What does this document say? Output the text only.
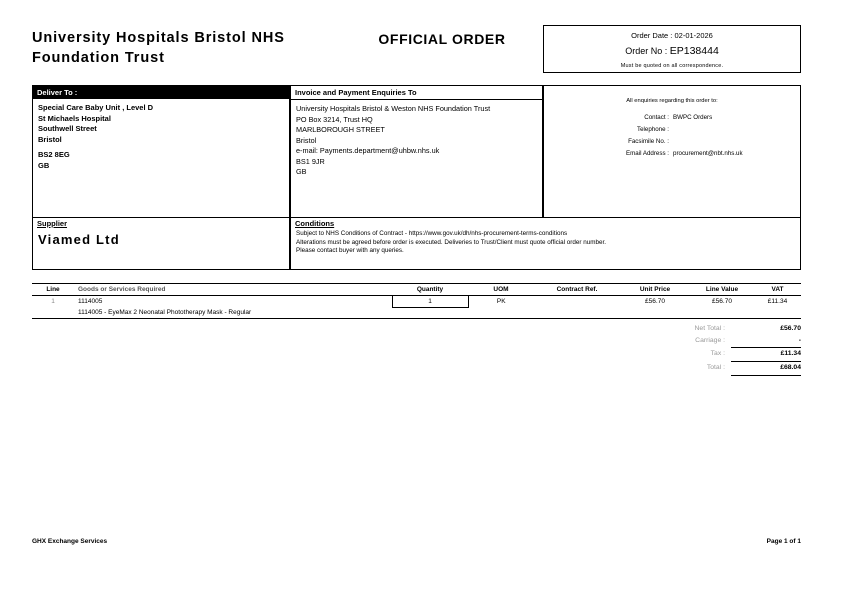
University Hospitals Bristol NHS Foundation Trust
OFFICIAL ORDER	Order Date : 02-01-2026
Order No : EP138444
Must be quoted on all correspondence.
Deliver To :
Special Care Baby Unit , Level D
St Michaels Hospital
Southwell Street
Bristol
BS2 8EG
GB
Invoice and Payment Enquiries To
University Hospitals Bristol & Weston NHS Foundation Trust
PO Box 3214, Trust HQ
MARLBOROUGH STREET
Bristol
e-mail: Payments.department@uhbw.nhs.uk
BS1 9JR
GB
All enquiries regarding this order to:
Contact : BWPC Orders
Telephone :
Facsimile No. :
Email Address : procurement@nbt.nhs.uk
Supplier
Viamed Ltd
Conditions
Subject to NHS Conditions of Contract - https://www.gov.uk/dh/nhs-procurement-terms-conditions
Alterations must be agreed before order is executed. Deliveries to Trust/Client must quote official order number.
Please contact buyer with any queries.
Line	Goods or Services Required	Quantity	UOM	Contract Ref.	Unit Price	Line Value	VAT
1	1114005	1	PK		£56.70	£56.70	£11.34
	1114005 - EyeMax 2 Neonatal Phototherapy Mask - Regular						
Net Total :	£56.70
Carriage :	-
Tax :	£11.34
Total :	£68.04
GHX Exchange Services	Page 1 of 1
